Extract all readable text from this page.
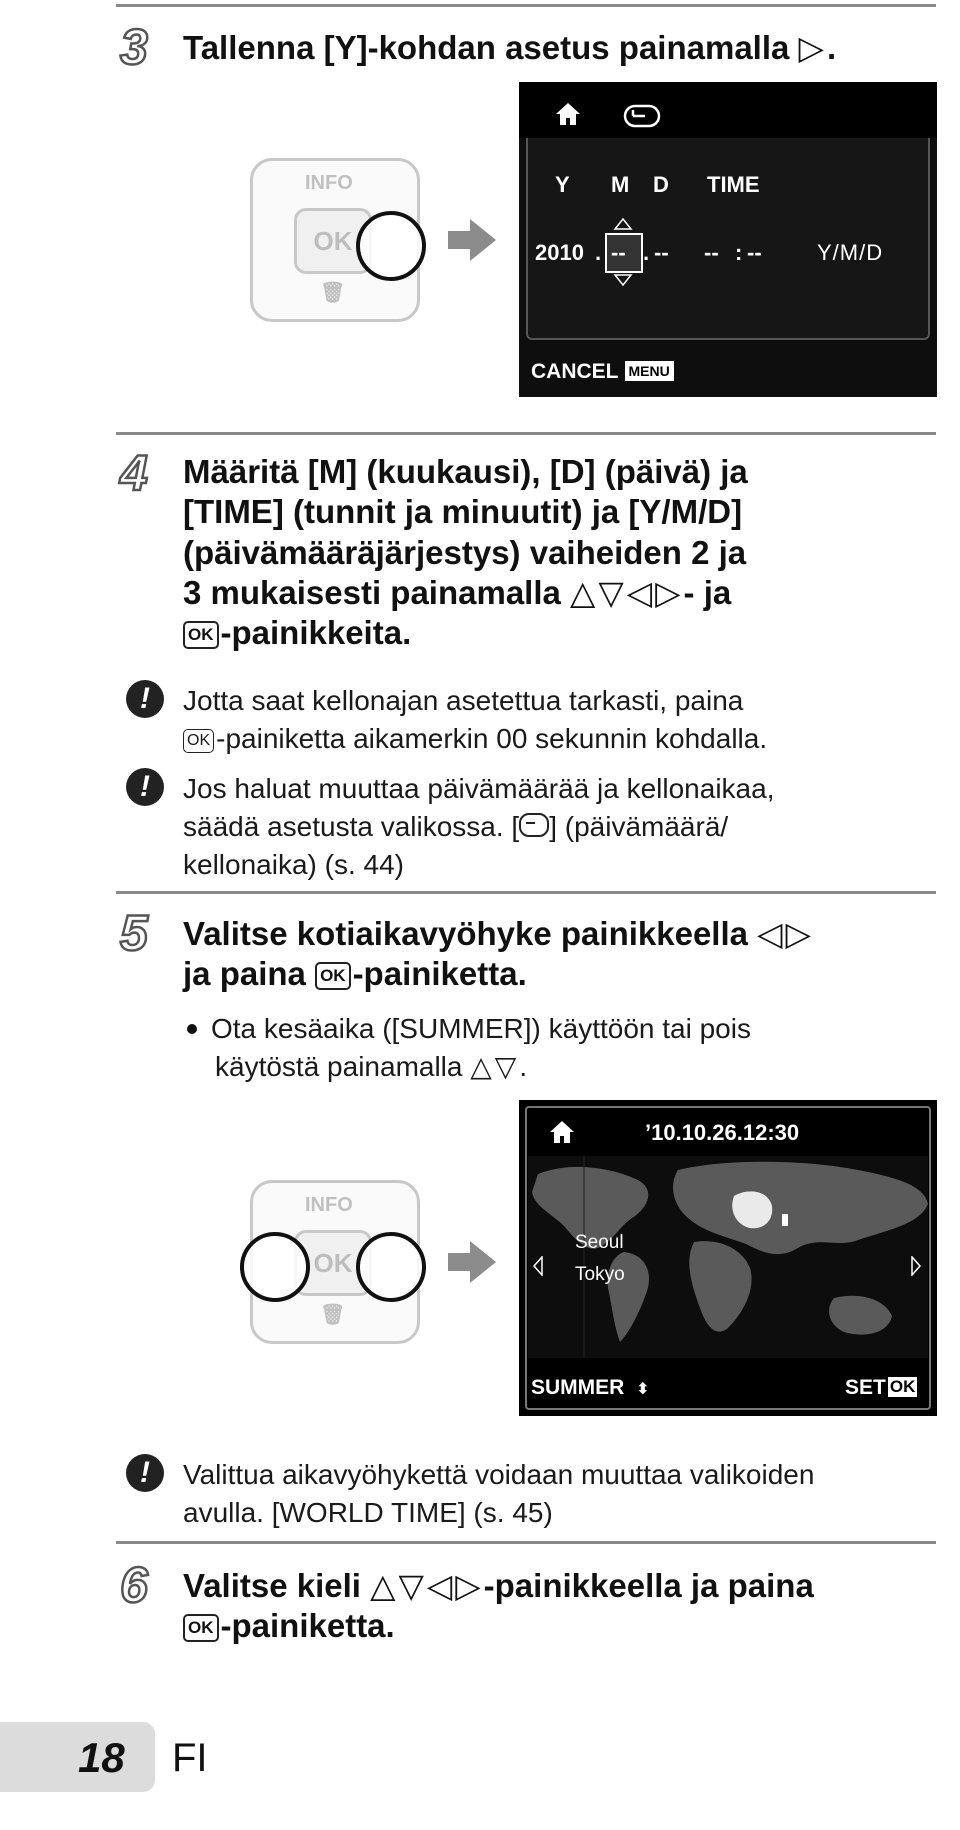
3 Tallenna [Y]-kohdan asetus painamalla ▷.
INFO
OK
🗑
Y M D TIME
2010 . -- . -- -- : --	Y/M/D
CANCEL MENU
4 Määritä [M] (kuukausi), [D] (päivä) ja
[TIME] (tunnit ja minuutit) ja [Y/M/D]
(päivämääräjärjestys) vaiheiden 2 ja
3 mukaisesti painamalla △▽◁▷- ja
OK -painikkeita.
!	Jotta saat kellonajan asetettua tarkasti, paina
OK -painiketta aikamerkin 00 sekunnin kohdalla.
!	Jos haluat muuttaa päivämäärää ja kellonaikaa,
säädä asetusta valikossa. [ ] (päivämäärä/
kellonaika) (s. 44)
5 Valitse kotiaikavyöhyke painikkeella ◁▷
ja paina OK -painiketta.
Ota kesäaika ([SUMMER]) käyttöön tai pois
käytöstä painamalla △▽.
INFO
OK
🗑
’10.10.26.12:30
Seoul
Tokyo
SUMMER ⬍	SET OK
!	Valittua aikavyöhykettä voidaan muuttaa valikoiden
avulla. [WORLD TIME] (s. 45)
6 Valitse kieli △▽◁▷-painikkeella ja paina
OK -painiketta.
18 FI
